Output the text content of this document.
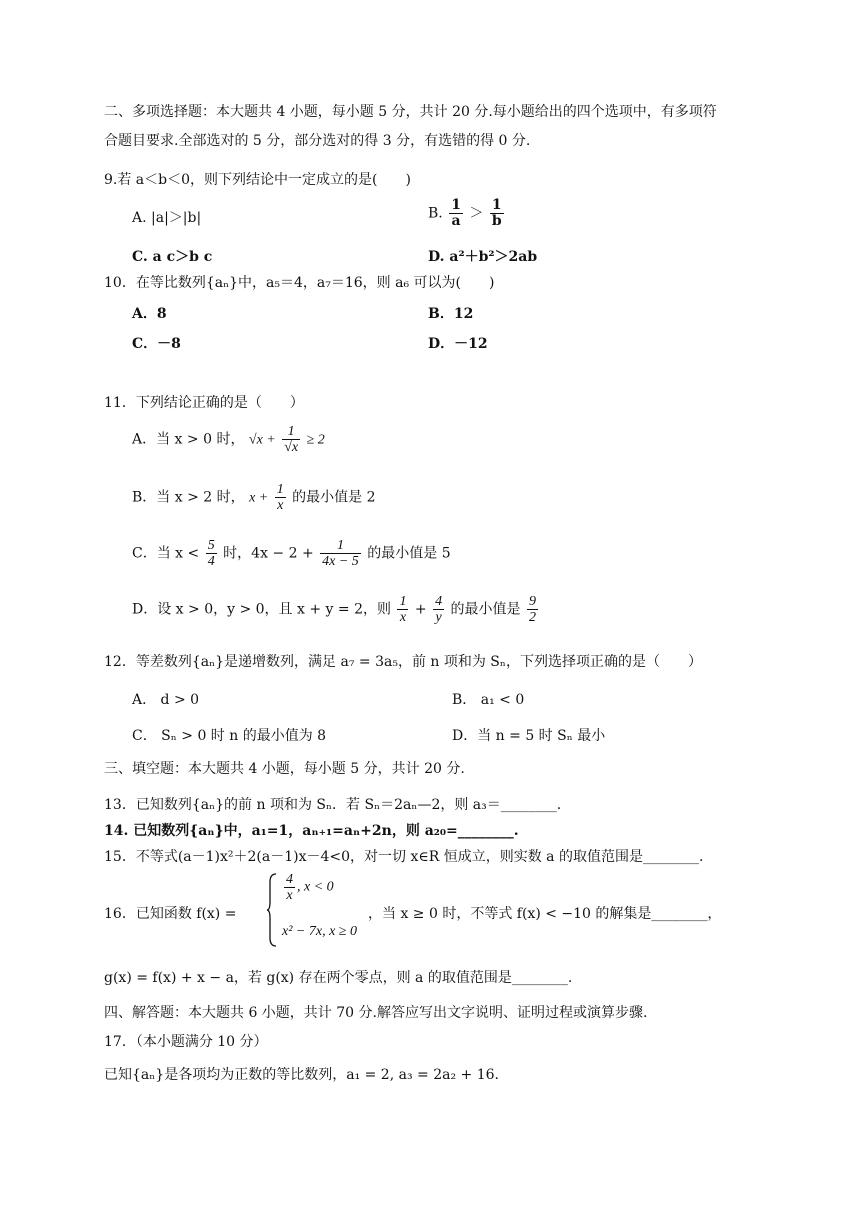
二、多项选择题：本大题共 4 小题，每小题 5 分，共计 20 分.每小题给出的四个选项中，有多项符
合题目要求.全部选对的 5 分，部分选对的得 3 分，有选错的得 0 分.
9.若 a＜b＜0，则下列结论中一定成立的是(　　)
A. |a|＞|b|	B. $\frac{1}{a} > \frac{1}{b}$
C. a c＞b c	D. a²＋b²＞2ab
10．在等比数列{aₙ}中，a₅＝4，a₇＝16，则 a₆ 可以为(　　)
A．8	B．12
C．－8	D．－12
11．下列结论正确的是（　　）
A．当 x > 0 时， $√x + \frac{1}{√x} \ge 2$
B．当 x > 2 时， $x + \frac{1}{x}$ 的最小值是 2
C．当 $x < \frac{5}{4}$ 时，$4x - 2 + \frac{1}{4x - 5}$ 的最小值是 5
D．设 x > 0，y > 0，且 x + y = 2，则 $\frac{1}{x} + \frac{4}{y}$ 的最小值是 $\frac{9}{2}$
12．等差数列{aₙ}是递增数列，满足 a₇ = 3a₅，前 n 项和为 Sₙ，下列选择项正确的是（　　）
A． d > 0	B． a₁ < 0
C． Sₙ > 0 时 n 的最小值为 8	D．当 n = 5 时 Sₙ 最小
三、填空题：本大题共 4 小题，每小题 5 分，共计 20 分.
13．已知数列{aₙ}的前 n 项和为 Sₙ．若 Sₙ＝2aₙ—2，则 a₃＝________.
14. 已知数列{aₙ}中，a₁=1，aₙ₊₁=aₙ+2n，则 a₂₀=________.
15．不等式(a－1)x²＋2(a－1)x－4<0，对一切 x∈R 恒成立，则实数 a 的取值范围是________.
16．已知函数 f(x) =
$\frac{4}{x}$ , x < 0
x² − 7x, x ≥ 0
，当 x ≥ 0 时，不等式 f(x) < −10 的解集是________，
g(x) = f(x) + x − a，若 g(x) 存在两个零点，则 a 的取值范围是________.
四、解答题：本大题共 6 小题，共计 70 分.解答应写出文字说明、证明过程或演算步骤.
17．（本小题满分 10 分）
已知{aₙ}是各项均为正数的等比数列，a₁ = 2, a₃ = 2a₂ + 16.
